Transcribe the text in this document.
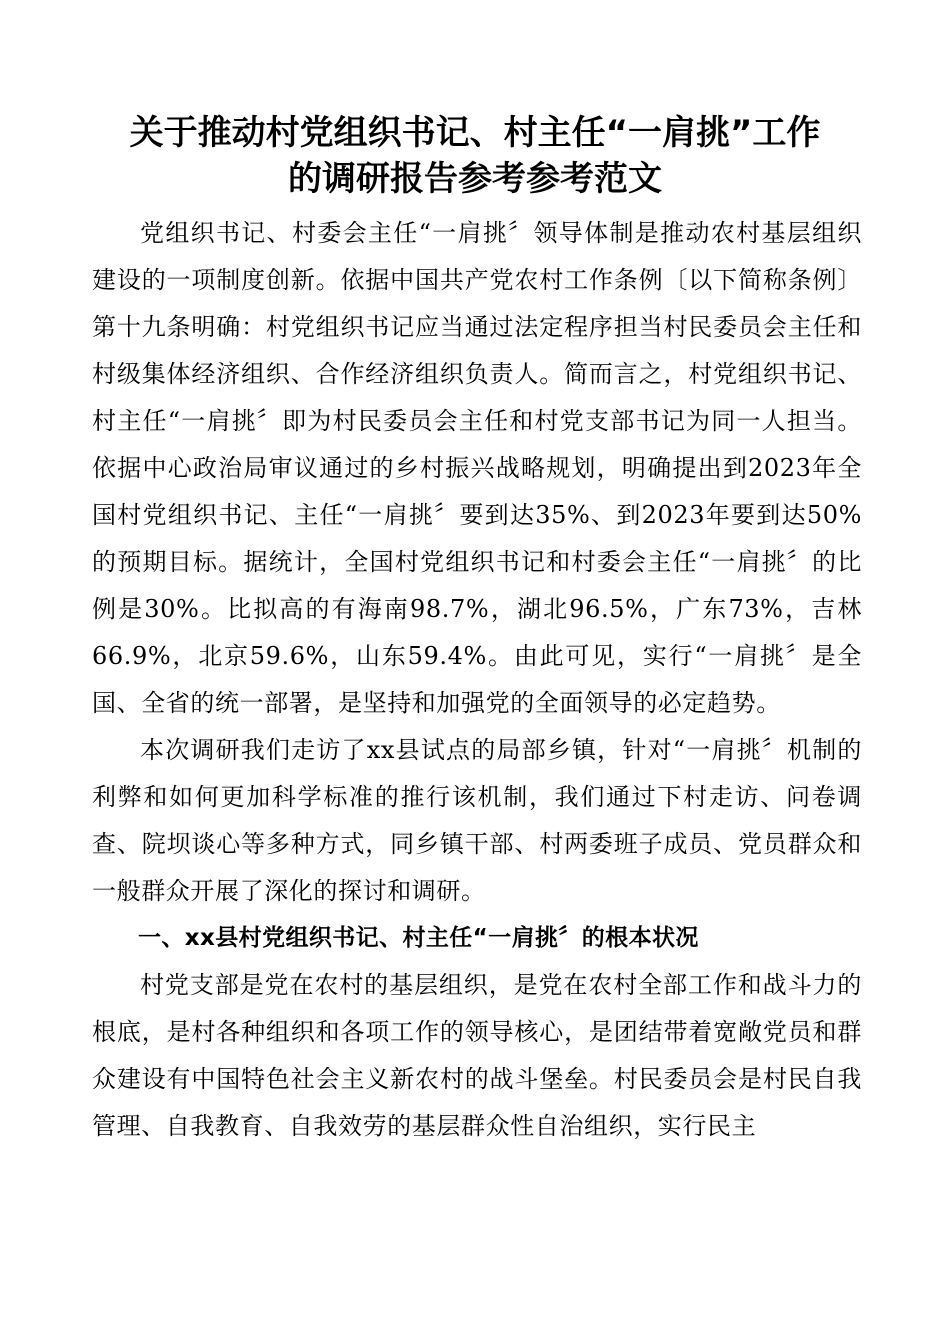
关于推动村党组织书记、村主任“一肩挑”工作
的调研报告参考参考范文

党组织书记、村委会主任“一肩挑〞领导体制是推动农村基层组织建设的一项制度创新。依据中国共产党农村工作条例〔以下简称条例〕第十九条明确：村党组织书记应当通过法定程序担当村民委员会主任和村级集体经济组织、合作经济组织负责人。简而言之，村党组织书记、村主任“一肩挑〞即为村民委员会主任和村党支部书记为同一人担当。依据中心政治局审议通过的乡村振兴战略规划，明确提出到2023年全国村党组织书记、主任“一肩挑〞要到达35%、到2023年要到达50%的预期目标。据统计，全国村党组织书记和村委会主任“一肩挑〞的比例是30%。比拟高的有海南98.7%，湖北96.5%，广东73%，吉林66.9%，北京59.6%，山东59.4%。由此可见，实行“一肩挑〞是全国、全省的统一部署，是坚持和加强党的全面领导的必定趋势。

本次调研我们走访了xx县试点的局部乡镇，针对“一肩挑〞机制的利弊和如何更加科学标准的推行该机制，我们通过下村走访、问卷调查、院坝谈心等多种方式，同乡镇干部、村两委班子成员、党员群众和一般群众开展了深化的探讨和调研。

一、xx县村党组织书记、村主任“一肩挑〞的根本状况

村党支部是党在农村的基层组织，是党在农村全部工作和战斗力的根底，是村各种组织和各项工作的领导核心，是团结带着宽敞党员和群众建设有中国特色社会主义新农村的战斗堡垒。村民委员会是村民自我管理、自我教育、自我效劳的基层群众性自治组织，实行民主
